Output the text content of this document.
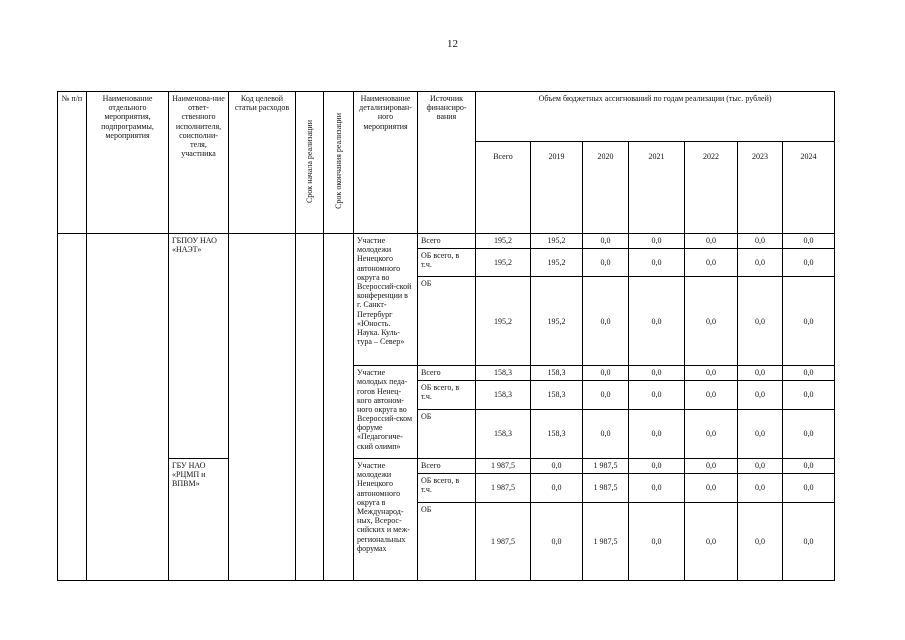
12
№ п/п	Наименование отдельного мероприятия, подпрограммы, мероприятия	Наименова-ние ответ-ственного исполнителя, соисполни-теля, участника	Код целевой статьи расходов	Срок начала реализации	Срок окончания реализации	Наименование детализирован-ного мероприятия	Источник финансиро-вания	Объем бюджетных ассигнований по годам реализации (тыс. рублей)						
								Всего	2019	2020	2021	2022	2023	2024
		ГБПОУ НАО «НАЭТ»				Участие молодежи Ненецкого автономного округа во Всероссий-ской конференции в г. Санкт-Петербург «Юность. Наука. Куль-тура – Север»	Всего	195,2	195,2	0,0	0,0	0,0	0,0	0,0
							ОБ всего, в т.ч.	195,2	195,2	0,0	0,0	0,0	0,0	0,0
							ОБ	195,2	195,2	0,0	0,0	0,0	0,0	0,0
						Участие молодых педа-гогов Ненец-кого автоном-ного округа во Всероссий-ском форуме «Педагогиче-ский олимп»	Всего	158,3	158,3	0,0	0,0	0,0	0,0	0,0
							ОБ всего, в т.ч.	158,3	158,3	0,0	0,0	0,0	0,0	0,0
							ОБ	158,3	158,3	0,0	0,0	0,0	0,0	0,0
		ГБУ НАО «РЦМП и ВПВМ»				Участие молодежи Ненецкого автономного округа в Международ-ных, Всерос-сийских и меж-региональных форумах	Всего	1 987,5	0,0	1 987,5	0,0	0,0	0,0	0,0
							ОБ всего, в т.ч.	1 987,5	0,0	1 987,5	0,0	0,0	0,0	0,0
							ОБ	1 987,5	0,0	1 987,5	0,0	0,0	0,0	0,0
